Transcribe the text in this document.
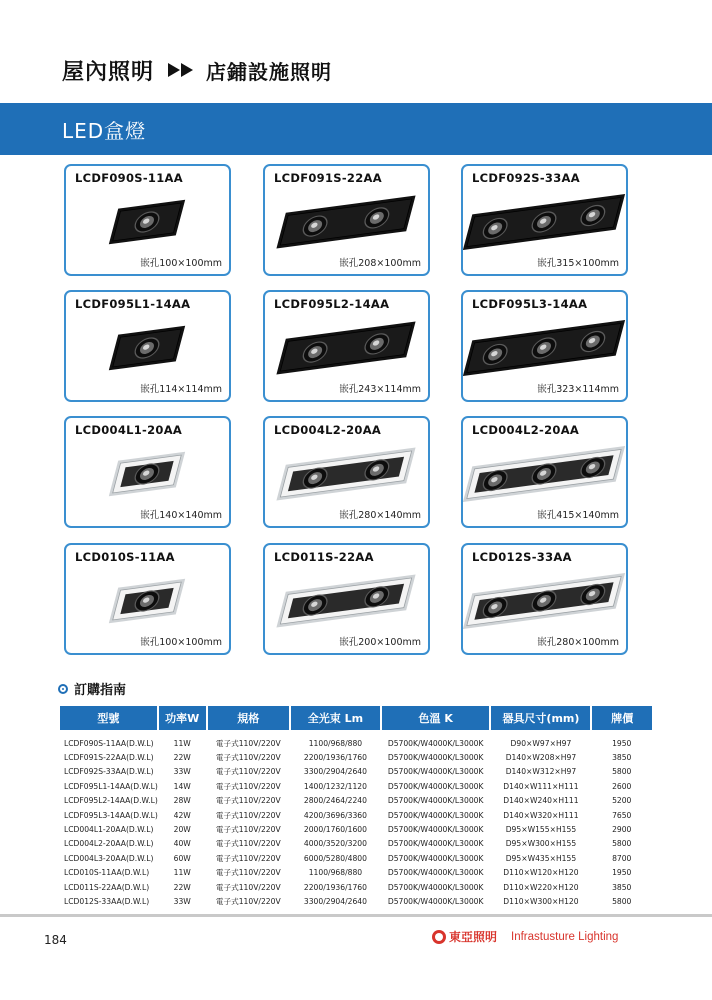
屋內照明	店鋪設施照明
LED盒燈
LCDF090S-11AA
嵌孔100×100mm
LCDF091S-22AA
嵌孔208×100mm
LCDF092S-33AA
嵌孔315×100mm
LCDF095L1-14AA
嵌孔114×114mm
LCDF095L2-14AA
嵌孔243×114mm
LCDF095L3-14AA
嵌孔323×114mm
LCD004L1-20AA
嵌孔140×140mm
LCD004L2-20AA
嵌孔280×140mm
LCD004L2-20AA
嵌孔415×140mm
LCD010S-11AA
嵌孔100×100mm
LCD011S-22AA
嵌孔200×100mm
LCD012S-33AA
嵌孔280×100mm
訂購指南
型號	功率W	規格	全光束 Lm	色溫 K	器具尺寸(mm)	牌價
LCDF090S-11AA(D.W.L)	11W	電子式110V/220V	1100/968/880	D5700K/W4000K/L3000K	D90×W97×H97	1950
LCDF091S-22AA(D.W.L)	22W	電子式110V/220V	2200/1936/1760	D5700K/W4000K/L3000K	D140×W208×H97	3850
LCDF092S-33AA(D.W.L)	33W	電子式110V/220V	3300/2904/2640	D5700K/W4000K/L3000K	D140×W312×H97	5800
LCDF095L1-14AA(D.W.L)	14W	電子式110V/220V	1400/1232/1120	D5700K/W4000K/L3000K	D140×W111×H111	2600
LCDF095L2-14AA(D.W.L)	28W	電子式110V/220V	2800/2464/2240	D5700K/W4000K/L3000K	D140×W240×H111	5200
LCDF095L3-14AA(D.W.L)	42W	電子式110V/220V	4200/3696/3360	D5700K/W4000K/L3000K	D140×W320×H111	7650
LCD004L1-20AA(D.W.L)	20W	電子式110V/220V	2000/1760/1600	D5700K/W4000K/L3000K	D95×W155×H155	2900
LCD004L2-20AA(D.W.L)	40W	電子式110V/220V	4000/3520/3200	D5700K/W4000K/L3000K	D95×W300×H155	5800
LCD004L3-20AA(D.W.L)	60W	電子式110V/220V	6000/5280/4800	D5700K/W4000K/L3000K	D95×W435×H155	8700
LCD010S-11AA(D.W.L)	11W	電子式110V/220V	1100/968/880	D5700K/W4000K/L3000K	D110×W120×H120	1950
LCD011S-22AA(D.W.L)	22W	電子式110V/220V	2200/1936/1760	D5700K/W4000K/L3000K	D110×W220×H120	3850
LCD012S-33AA(D.W.L)	33W	電子式110V/220V	3300/2904/2640	D5700K/W4000K/L3000K	D110×W300×H120	5800
184	東亞照明 Infrastusture Lighting
